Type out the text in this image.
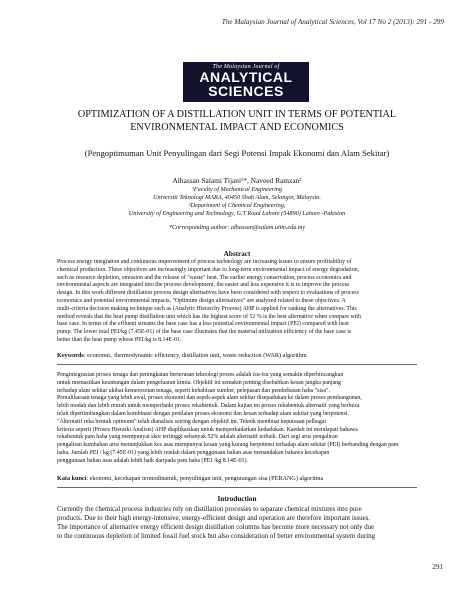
The Malaysian Journal of Analytical Sciences, Vol 17 No 2 (2013): 291 - 299
The Malaysian Journal of
ANALYTICAL
SCIENCES
OPTIMIZATION OF A DISTILLATION UNIT IN TERMS OF POTENTIAL
ENVIRONMENTAL IMPACT AND ECONOMICS
(Pengoptimuman Unit Penyulingan dari Segi Potensi Impak Ekonomi dan Alam Sekitar)
Alhassan Salami Tijani¹*, Naveed Ramzan²
¹Faculty of Mechanical Engineering
Universiti Teknologi MARA, 40450 Shah Alam, Selangor, Malaysia.
²Department of Chemical Engineering,
University of Engineering and Technology, G.T Road Lahore (54890) Lahore -Pakistan
*Corresponding author: alhassan@salam.uitm.edu.my
Abstract
Process energy integration and continuous improvement of process technology are increasing issues to ensure profitability of
chemical production. These objectives are increasingly important due to long-term environmental impact of energy degradation,
such as resource depletion, emission and the release of "waste" heat. The earlier energy conservation, process economics and
environmental aspects are integrated into the process development, the easier and less expensive it is to improve the process
design. In this work different distillation process design alternatives have been considered with respect to evaluations of process
economics and potential environmental impacts, "Optimum design alternatives" are analyzed related to these objectives. A
multi-criteria decision making technique such as (Analytic Hierarchy Process) AHP is applied for ranking the alternatives. This
method reveals that the heat pump distillation unit which has the highest score of 52 % is the best alternative when compare with
base case. In terms of the effluent streams the base case has a less potential environmental impact (PEI) compared with heat
pump. The lower total PEI/kg (7.45E-01) of the base case illustrates that the material utilization efficiency of the base case is
better than the heat pump whose PEI/kg is 8.14E-01.
Keywords: economic, thermodynamic efficiency, distillation unit, waste reduction (WAR) algorithm
Pengintegrasian proses tenaga dan peningkatan berterusan teknologi proses adalah isu-isu yang semakin diperbincangkan
untuk memastikan keuntungan dalam pengeluaran kimia. Objektif ini semakin penting disebabkan kesan jangka panjang
terhadap alam sekitar akibat kemerosotan tenaga, seperti kehabisan sumber, pelepasan dan pembebasan haba "sisa".
Pemuliharaan tenaga yang lebih awal, proses ekonomi dan aspek-aspek alam sekitar disepadukan ke dalam proses pembangunan,
lebih mudah dan lebih murah untuk memperbaiki proses rekabentuk. Dalam kajian ini proses rekabentuk alternatif yang berbeza
telah dipertimbangkan dalam kombinasi dengan penilaian proses ekonomi dan kesan terhadap alam sekitar yang berpotensi.
"Alternatif reka bentuk optimum" telah dianalisis seiring dengan objektif ini. Teknik membuat keputusan pelbagai
kriteria seperti (Proses Hierarki Analisis) AHP diaplikasikan untuk memperkadarkan kedudukan. Kaedah ini mendapati bahawa
rekabentuk pam haba yang mempunyai skor tertinggi sebanyak 52% adalah alternatif terbaik. Dari segi arus pengaliran
pengaliran kumbahan arus menunjukkan kes asas mempunyai kesan yang kurang berpotensi terhadap alam sekitar (PEI) berbanding dengan pam
haba. Jumlah PEI / kg (7.45E-01) yang lebih rendah dalam penggunaan bahan asas menandakan bahawa kecekapan
penggunaan bahan asas adalah lebih baik daripada pam haba (PEI /kg 8.14E-01).
Kata kunci: ekonomi, kecekapan termodinamik, penyulingan unit, pengurangan sisa (PERANG) algoritma
Introduction
Currently the chemical process industries rely on distillation processes to separate chemical mixtures into pure
products. Due to their high energy-intensive, energy-efficient design and operation are therefore important issues.
The importance of alternative energy efficient design distillation columns has become more necessary not only due
to the continuous depletion of limited fossil fuel stock but also consideration of better environmental system during
291
